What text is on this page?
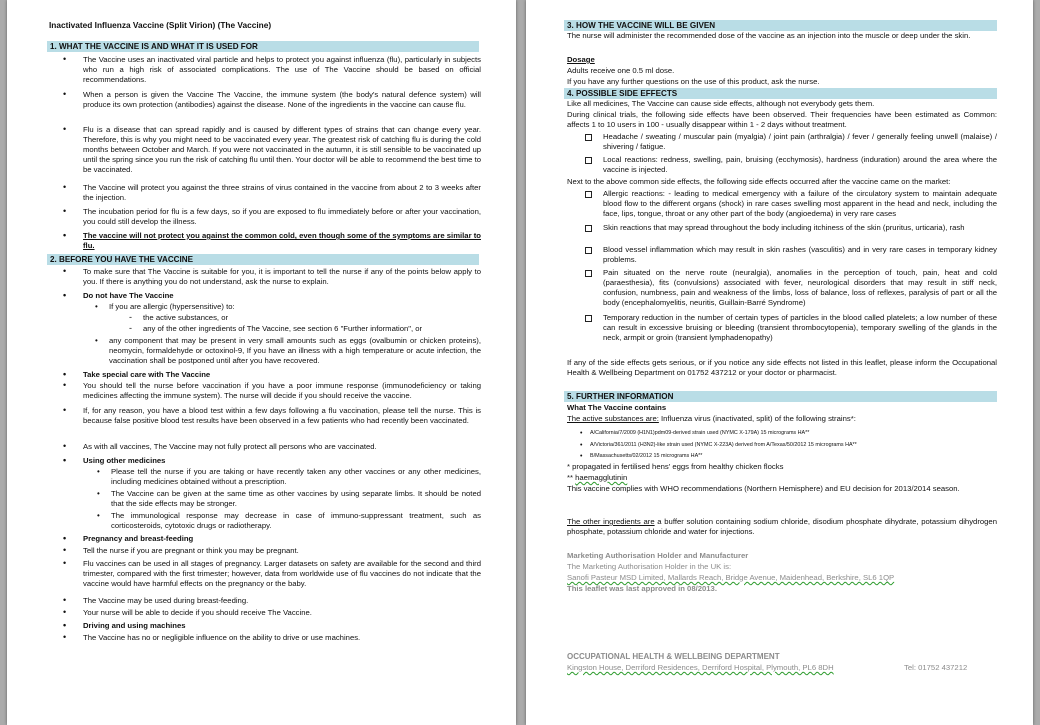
Inactivated Influenza Vaccine (Split Virion) (The Vaccine)
1. WHAT THE VACCINE IS AND WHAT IT IS USED FOR
• The Vaccine uses an inactivated viral particle and helps to protect you against influenza (flu), particularly in subjects who run a high risk of associated complications. The use of The Vaccine should be based on official recommendations.
• When a person is given the Vaccine The Vaccine, the immune system (the body's natural defence system) will produce its own protection (antibodies) against the disease. None of the ingredients in the vaccine can cause flu.
• Flu is a disease that can spread rapidly and is caused by different types of strains that can change every year. Therefore, this is why you might need to be vaccinated every year. The greatest risk of catching flu is during the cold months between October and March. If you were not vaccinated in the autumn, it is still sensible to be vaccinated up until the spring since you run the risk of catching flu until then. Your doctor will be able to recommend the best time to be vaccinated.
• The Vaccine will protect you against the three strains of virus contained in the vaccine from about 2 to 3 weeks after the injection.
• The incubation period for flu is a few days, so if you are exposed to flu immediately before or after your vaccination, you could still develop the illness.
• The vaccine will not protect you against the common cold, even though some of the symptoms are similar to flu.
2. BEFORE YOU HAVE THE VACCINE
• To make sure that The Vaccine is suitable for you, it is important to tell the nurse if any of the points below apply to you. If there is anything you do not understand, ask the nurse to explain.
• Do not have The Vaccine
• If you are allergic (hypersensitive) to:
- the active substances, or
- any of the other ingredients of The Vaccine, see section 6 "Further information", or
• any component that may be present in very small amounts such as eggs (ovalbumin or chicken proteins), neomycin, formaldehyde or octoxinol-9, If you have an illness with a high temperature or acute infection, the vaccination shall be postponed until after you have recovered.
• Take special care with The Vaccine
• You should tell the nurse before vaccination if you have a poor immune response (immunodeficiency or taking medicines affecting the immune system). The nurse will decide if you should receive the vaccine.
• If, for any reason, you have a blood test within a few days following a flu vaccination, please tell the nurse. This is because false positive blood test results have been observed in a few patients who had recently been vaccinated.
• As with all vaccines, The Vaccine may not fully protect all persons who are vaccinated.
• Using other medicines
• Please tell the nurse if you are taking or have recently taken any other vaccines or any other medicines, including medicines obtained without a prescription.
• The Vaccine can be given at the same time as other vaccines by using separate limbs. It should be noted that the side effects may be stronger.
• The immunological response may decrease in case of immuno-suppressant treatment, such as corticosteroids, cytotoxic drugs or radiotherapy.
• Pregnancy and breast-feeding
• Tell the nurse if you are pregnant or think you may be pregnant.
• Flu vaccines can be used in all stages of pregnancy. Larger datasets on safety are available for the second and third trimester, compared with the first trimester; however, data from worldwide use of flu vaccines do not indicate that the vaccine would have harmful effects on the pregnancy or the baby.
• The Vaccine may be used during breast-feeding.
• Your nurse will be able to decide if you should receive The Vaccine.
• Driving and using machines
• The Vaccine has no or negligible influence on the ability to drive or use machines.
3. HOW THE VACCINE WILL BE GIVEN
The nurse will administer the recommended dose of the vaccine as an injection into the muscle or deep under the skin.
Dosage
Adults receive one 0.5 ml dose.
If you have any further questions on the use of this product, ask the nurse.
4. POSSIBLE SIDE EFFECTS
Like all medicines, The Vaccine can cause side effects, although not everybody gets them.
During clinical trials, the following side effects have been observed. Their frequencies have been estimated as Common: affects 1 to 10 users in 100 - usually disappear within 1 - 2 days without treatment.
Headache / sweating / muscular pain (myalgia) / joint pain (arthralgia) / fever / generally feeling unwell (malaise) / shivering / fatigue.
Local reactions: redness, swelling, pain, bruising (ecchymosis), hardness (induration) around the area where the vaccine is injected.
Next to the above common side effects, the following side effects occurred after the vaccine came on the market:
Allergic reactions: - leading to medical emergency with a failure of the circulatory system to maintain adequate blood flow to the different organs (shock) in rare cases swelling most apparent in the head and neck, including the face, lips, tongue, throat or any other part of the body (angioedema) in very rare cases
Skin reactions that may spread throughout the body including itchiness of the skin (pruritus, urticaria), rash
Blood vessel inflammation which may result in skin rashes (vasculitis) and in very rare cases in temporary kidney problems.
Pain situated on the nerve route (neuralgia), anomalies in the perception of touch, pain, heat and cold (paraesthesia), fits (convulsions) associated with fever, neurological disorders that may result in stiff neck, confusion, numbness, pain and weakness of the limbs, loss of balance, loss of reflexes, paralysis of part or all the body (encephalomyelitis, neuritis, Guillain-Barré Syndrome)
Temporary reduction in the number of certain types of particles in the blood called platelets; a low number of these can result in excessive bruising or bleeding (transient thrombocytopenia), temporary swelling of the glands in the neck, armpit or groin (transient lymphadenopathy)
If any of the side effects gets serious, or if you notice any side effects not listed in this leaflet, please inform the Occupational Health & Wellbeing Department on 01752 437212 or your doctor or pharmacist.
5. FURTHER INFORMATION
What The Vaccine contains
The active substances are: Influenza virus (inactivated, split) of the following strains*:
• A/California/7/2009 (H1N1)pdm09-derived strain used (NYMC X-179A) 15 micrograms HA**
• A/Victoria/361/2011 (H3N2)-like strain used (NYMC X-223A) derived from A/Texas/50/2012 15 micrograms HA**
• B/Massachusetts/02/2012 15 micrograms HA**
* propagated in fertilised hens' eggs from healthy chicken flocks
** haemagglutinin
This vaccine complies with WHO recommendations (Northern Hemisphere) and EU decision for 2013/2014 season.
The other ingredients are a buffer solution containing sodium chloride, disodium phosphate dihydrate, potassium dihydrogen phosphate, potassium chloride and water for injections.
Marketing Authorisation Holder and Manufacturer
The Marketing Authorisation Holder in the UK is:
Sanofi Pasteur MSD Limited, Mallards Reach, Bridge Avenue, Maidenhead, Berkshire, SL6 1QP
This leaflet was last approved in 08/2013.
OCCUPATIONAL HEALTH & WELLBEING DEPARTMENT
Kingston House, Derriford Residences, Derriford Hospital, Plymouth, PL6 8DH	Tel: 01752 437212
